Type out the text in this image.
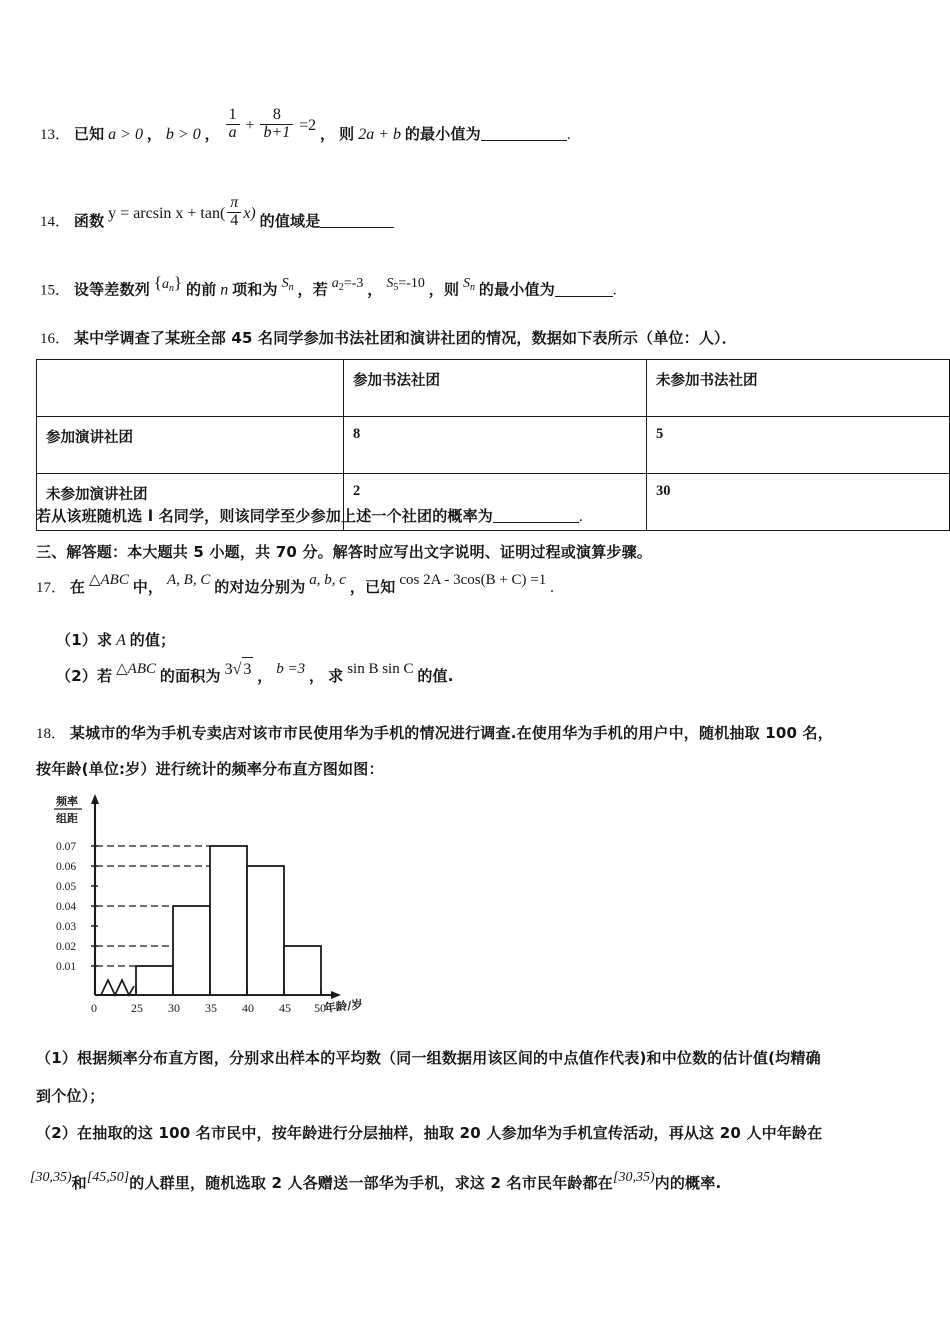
13． 已知 a > 0 ， b > 0 ， $\frac{1}{a} + \frac{8}{b+1} =2$ ， 则 2a + b 的最小值为	.
14． 函数 $y = \arcsin x + \tan( \frac{\pi}{4} x)$ 的值域是
15． 设等差数列 $\{a_n\}$ 的前 n 项和为 $S_n$ ，若 $a_2=-3$ ， $S_5=-10$ ，则 $S_n$ 的最小值为	.
16． 某中学调查了某班全部 45 名同学参加书法社团和演讲社团的情况，数据如下表所示（单位：人）．
	参加书法社团	未参加书法社团
参加演讲社团	8	5
未参加演讲社团	2	30
若从该班随机选 l 名同学，则该同学至少参加上述一个社团的概率为	.
三、解答题：本大题共 5 小题，共 70 分。解答时应写出文字说明、证明过程或演算步骤。
17． 在 △ABC 中， A, B, C 的对边分别为 a, b, c ，已知 cos 2A - 3cos(B + C) =1 .
（1）求 A 的值；
（2）若 △ABC 的面积为 3√ 3 ， b =3 ， 求 sin B sin C 的值.
18． 某城市的华为手机专卖店对该市市民使用华为手机的情况进行调查.在使用华为手机的用户中，随机抽取 100 名，
按年龄(单位:岁）进行统计的频率分布直方图如图：
频率
组距
0.07
0.06
0.05
0.04
0.03
0.02
0.01
0	25 30 35 40 45 50
年龄/岁
（1）根据频率分布直方图，分别求出样本的平均数（同一组数据用该区间的中点值作代表)和中位数的估计值(均精确
到个位）；
（2）在抽取的这 100 名市民中，按年龄进行分层抽样，抽取 20 人参加华为手机宣传活动，再从这 20 人中年龄在
[30,35)和[45,50]的人群里，随机选取 2 人各赠送一部华为手机，求这 2 名市民年龄都在[30,35)内的概率.
